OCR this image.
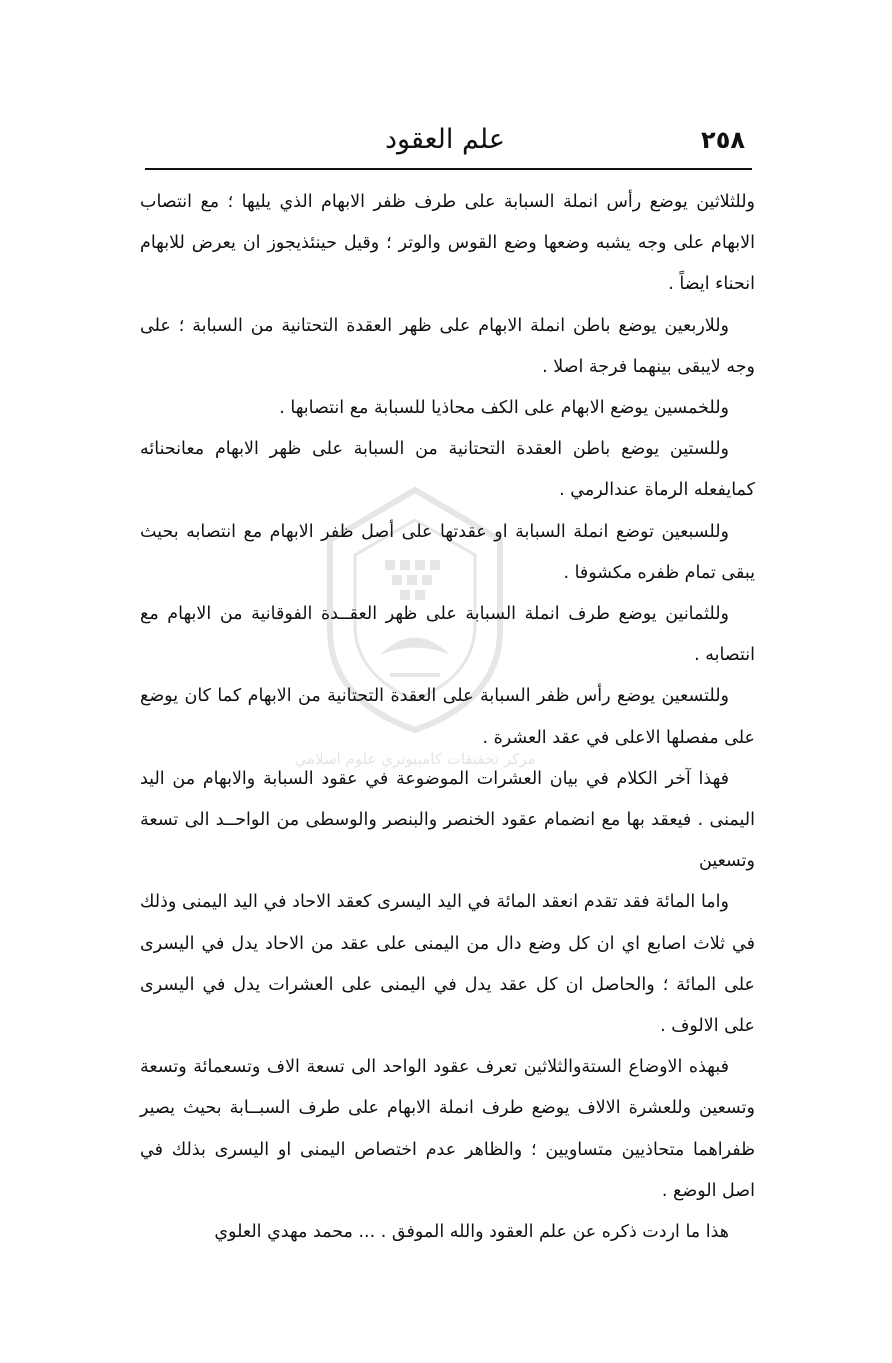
٢٥٨
علم العقود
مركز تحقيقات كامپيوتري علوم اسلامي

وللثلاثين يوضع رأس انملة السبابة على طرف ظفر الابهام الذي يليها ؛ مع انتصاب الابهام على وجه يشبه وضعها وضع القوس والوتر ؛ وقيل حينئذيجوز ان يعرض للابهام انحناء ايضاً .

وللاربعين يوضع باطن انملة الابهام على ظهر العقدة التحتانية من السبابة ؛ على وجه لايبقى بينهما فرجة اصلا .

وللخمسين يوضع الابهام على الكف محاذيا للسبابة مع انتصابها .

وللستين يوضع باطن العقدة التحتانية من السبابة على ظهر الابهام معانحنائه كمايفعله الرماة عندالرمي .

وللسبعين توضع انملة السبابة او عقدتها على أصل ظفر الابهام مع انتصابه بحيث يبقى تمام ظفره مكشوفا .

وللثمانين يوضع طرف انملة السبابة على ظهر العقــدة الفوقانية من الابهام مع انتصابه .

وللتسعين يوضع رأس ظفر السبابة على العقدة التحتانية من الابهام كما كان يوضع على مفصلها الاعلى في عقد العشرة .

فهذا آخر الكلام في بيان العشرات الموضوعة في عقود السبابة والابهام من اليد اليمنى . فيعقد بها مع انضمام عقود الخنصر والبنصر والوسطى من الواحــد الى تسعة وتسعين

واما المائة فقد تقدم انعقد المائة في اليد اليسرى كعقد الاحاد في اليد اليمنى وذلك في ثلاث اصابع اي ان كل وضع دال من اليمنى على عقد من الاحاد يدل في اليسرى على المائة ؛ والحاصل ان كل عقد يدل في اليمنى على العشرات يدل في اليسرى على الالوف .

فبهذه الاوضاع الستةوالثلاثين تعرف عقود الواحد الى تسعة الاف وتسعمائة وتسعة وتسعين وللعشرة الالاف يوضع طرف انملة الابهام على طرف السبــابة بحيث يصير ظفراهما متحاذيين متساويين ؛ والظاهر عدم اختصاص اليمنى او اليسرى بذلك في اصل الوضع .

هذا ما اردت ذكره عن علم العقود والله الموفق . ... محمد مهدي العلوي
